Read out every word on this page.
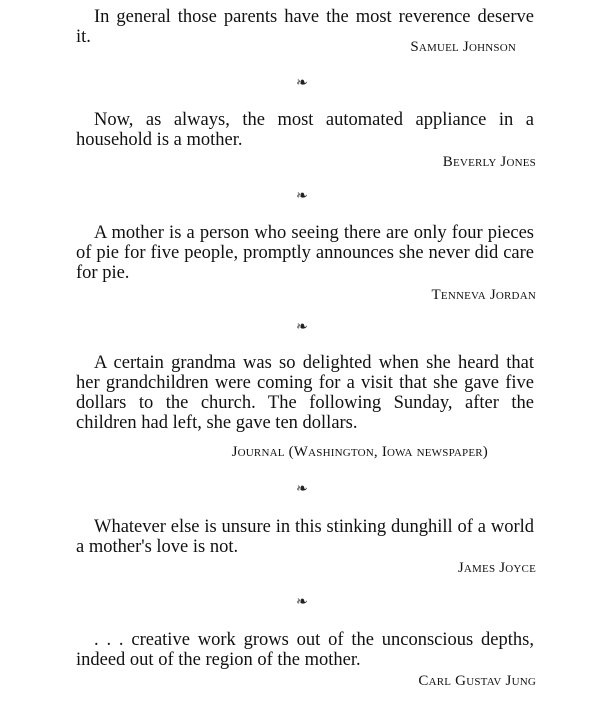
In general those parents have the most reverence deserve it.	Samuel Johnson

❧

Now, as always, the most automated appliance in a household is a mother.

Beverly Jones

❧

A mother is a person who seeing there are only four pieces of pie for five people, promptly announces she never did care for pie.

Tenneva Jordan

❧

A certain grandma was so delighted when she heard that her grandchildren were coming for a visit that she gave five dollars to the church. The following Sunday, after the children had left, she gave ten dollars.

Journal (Washington, Iowa newspaper)

❧

Whatever else is unsure in this stinking dunghill of a world a mother's love is not.

James Joyce

❧

. . . creative work grows out of the unconscious depths, indeed out of the region of the mother.

Carl Gustav Jung
